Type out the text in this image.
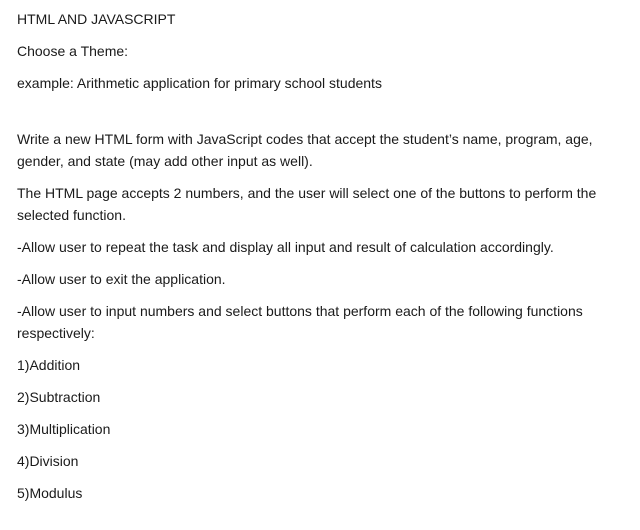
HTML AND JAVASCRIPT

Choose a Theme:

example: Arithmetic application for primary school students

Write a new HTML form with JavaScript codes that accept the student’s name, program, age, gender, and state (may add other input as well).

The HTML page accepts 2 numbers, and the user will select one of the buttons to perform the selected function.

-Allow user to repeat the task and display all input and result of calculation accordingly.

-Allow user to exit the application.

-Allow user to input numbers and select buttons that perform each of the following functions respectively:

1)Addition

2)Subtraction

3)Multiplication

4)Division

5)Modulus
